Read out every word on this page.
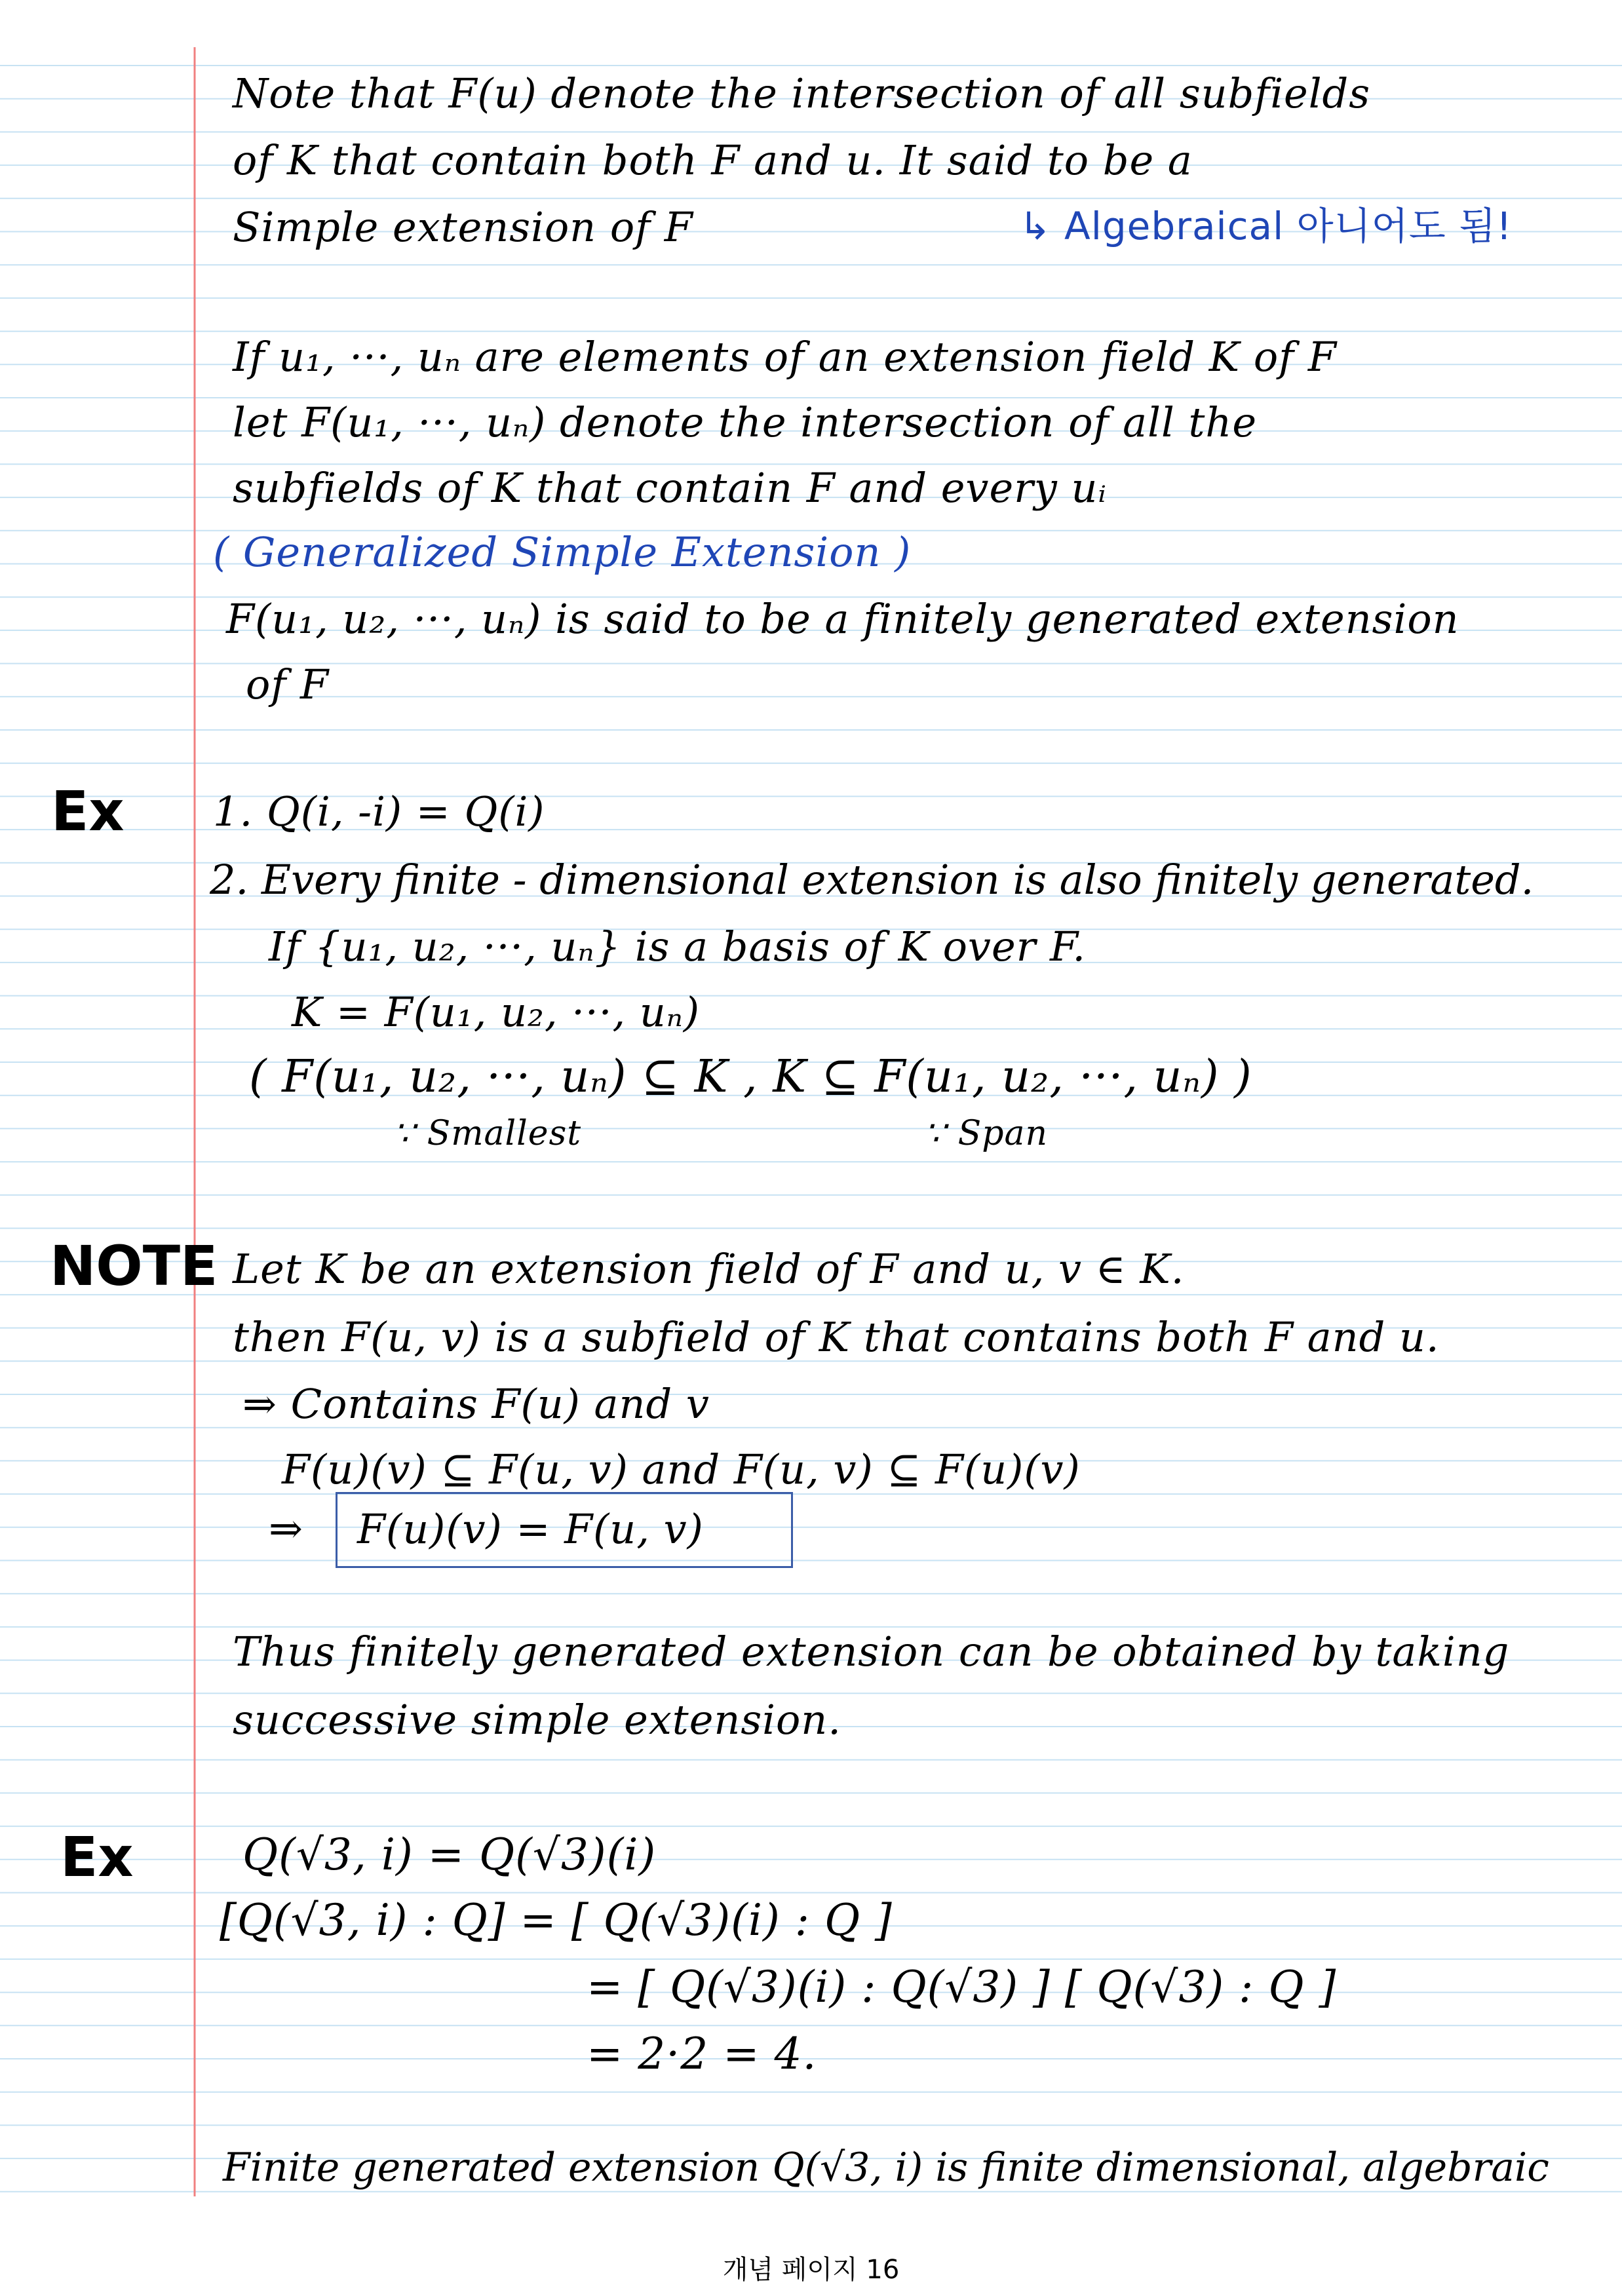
Note that F(u) denote the intersection of all subfields
of K that contain both F and u. It said to be a
Simple extension of F	↳ Algebraical 아니어도 됨!
If u₁, ···, uₙ are elements of an extension field K of F
let F(u₁, ···, uₙ) denote the intersection of all the
subfields of K that contain F and every uᵢ
( Generalized Simple Extension )
F(u₁, u₂, ···, uₙ) is said to be a finitely generated extension
of F
Ex 1. Q(i, -i) = Q(i)
2. Every finite - dimensional extension is also finitely generated.
If {u₁, u₂, ···, uₙ} is a basis of K over F.
K = F(u₁, u₂, ···, uₙ)
( F(u₁, u₂, ···, uₙ) ⊆ K , K ⊆ F(u₁, u₂, ···, uₙ) )
∵ Smallest	∵ Span
NOTE Let K be an extension field of F and u, v ∈ K.
then F(u, v) is a subfield of K that contains both F and u.
⇒ Contains F(u) and v
F(u)(v) ⊆ F(u, v) and F(u, v) ⊆ F(u)(v)
⇒ F(u)(v) = F(u, v)
Thus finitely generated extension can be obtained by taking
successive simple extension.
Ex	Q(√3, i) = Q(√3)(i)
[Q(√3, i) : Q] = [ Q(√3)(i) : Q ]
= [ Q(√3)(i) : Q(√3) ] [ Q(√3) : Q ]
= 2·2 = 4.
Finite generated extension Q(√3, i) is finite dimensional, algebraic
개념 페이지 16
